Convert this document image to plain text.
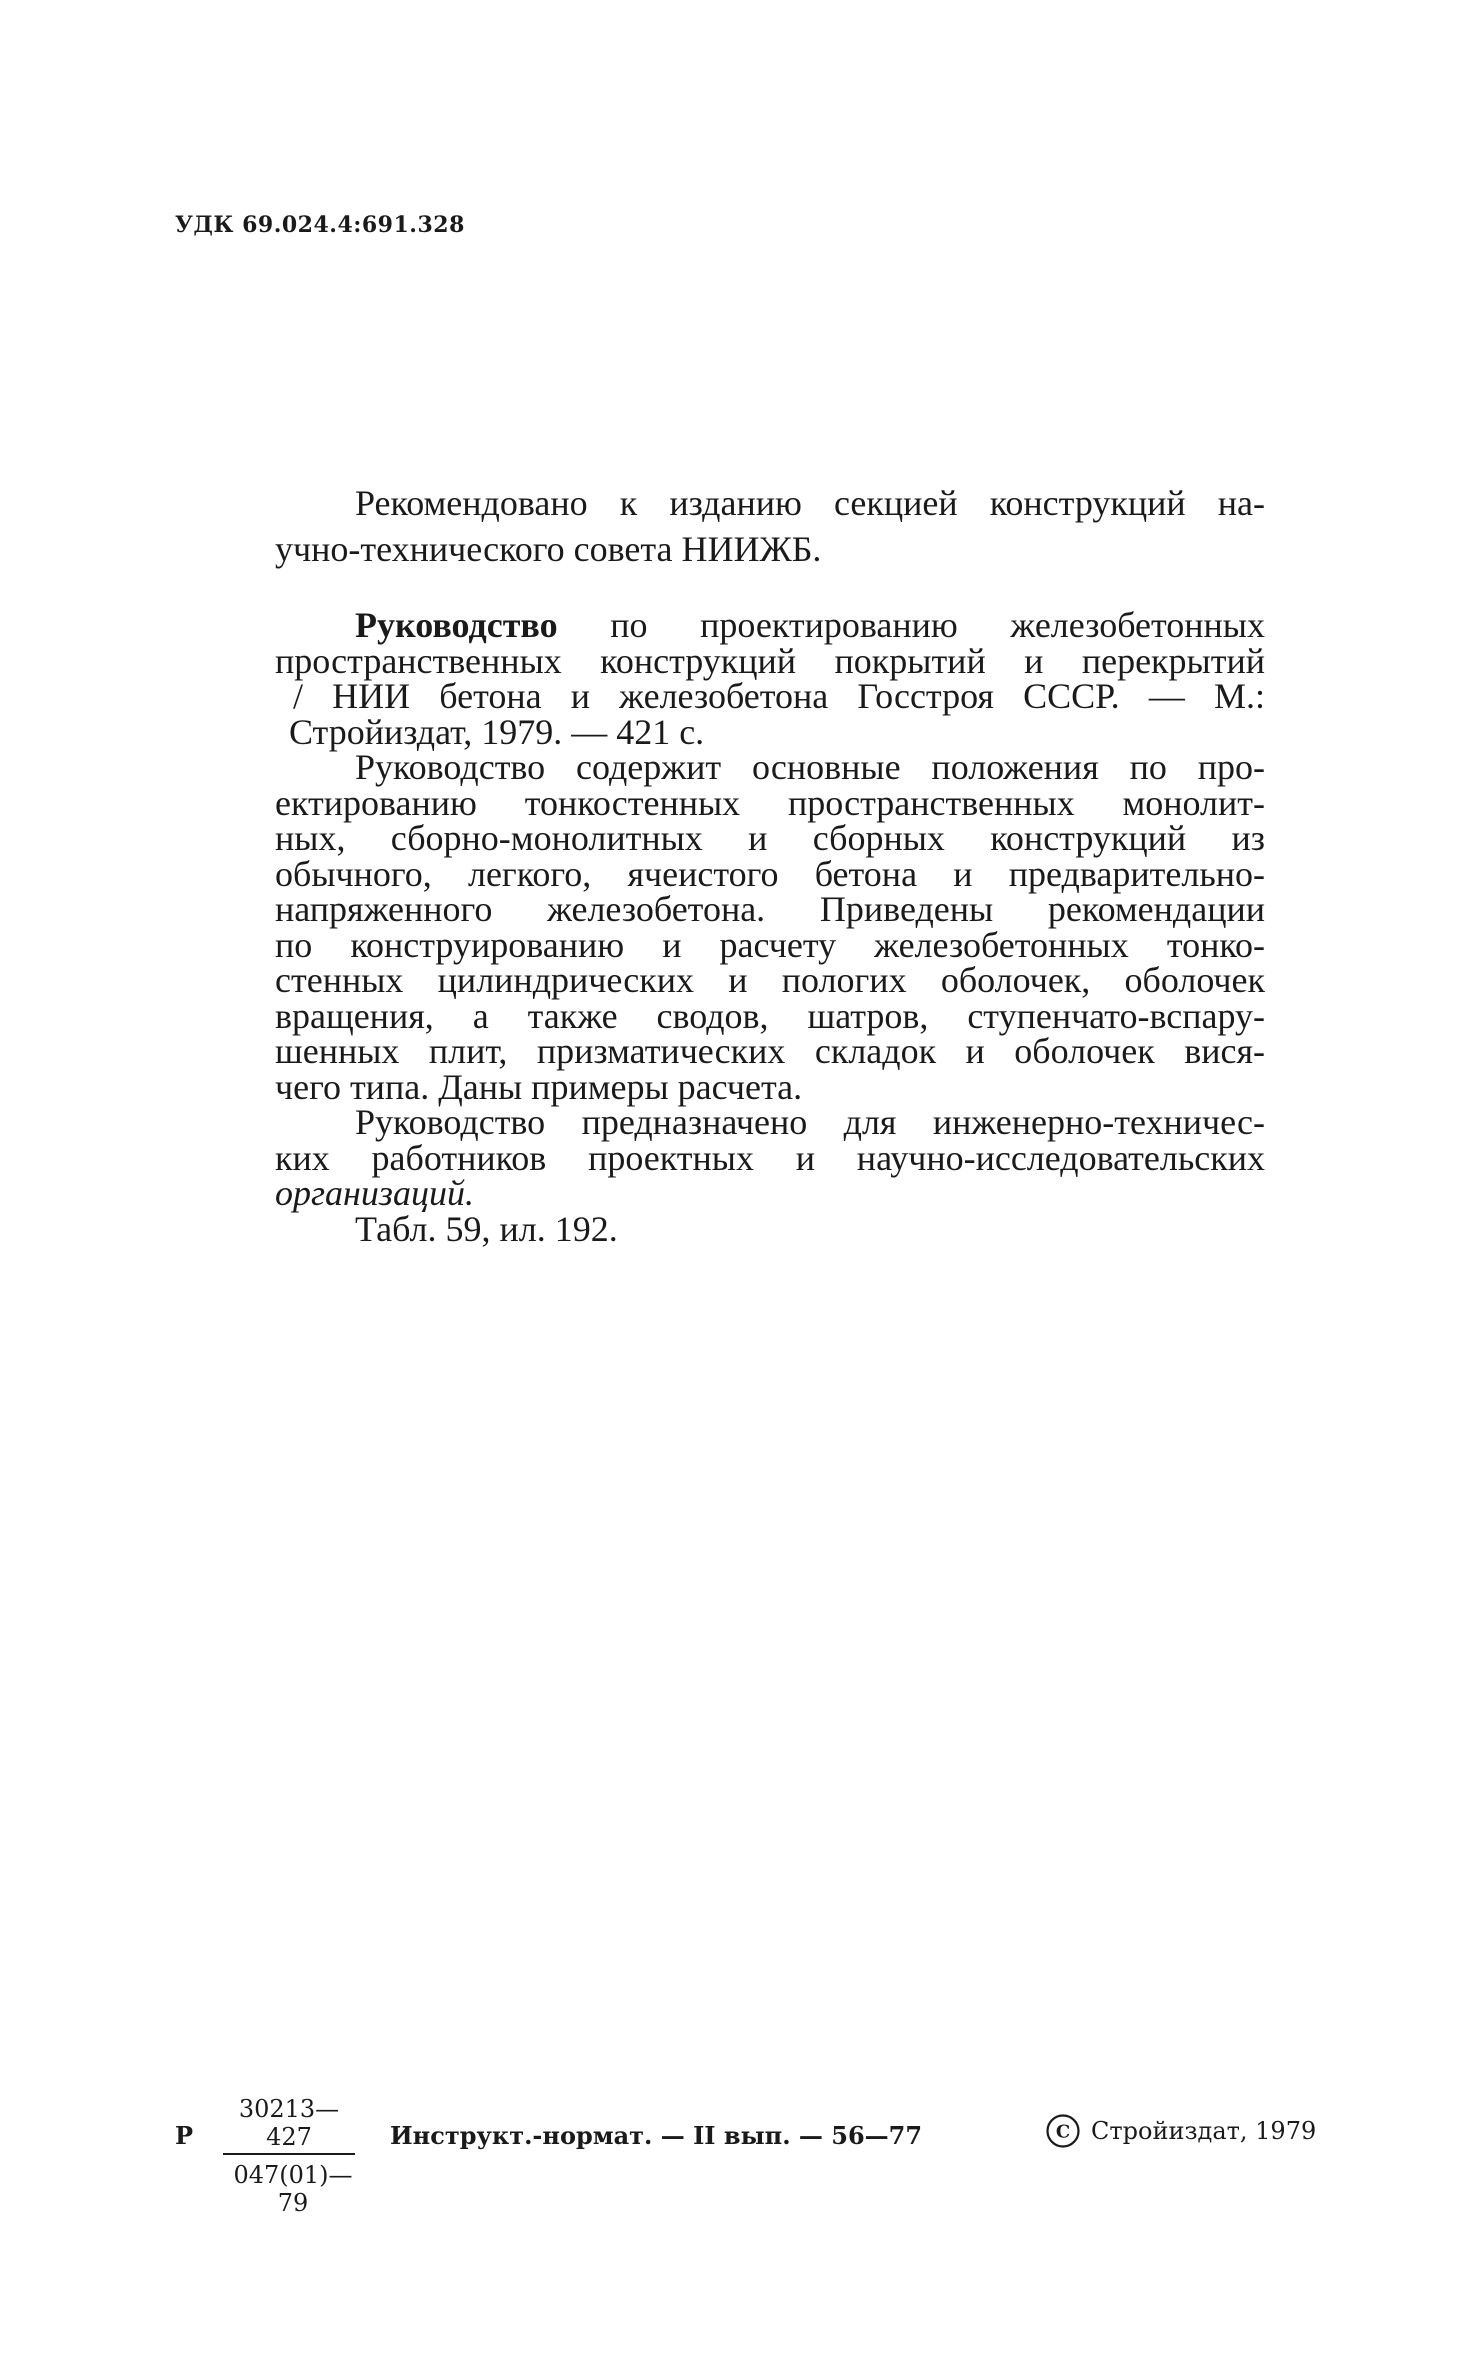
УДК 69.024.4:691.328
Рекомендовано к изданию секцией конструкций на-
учно-технического совета НИИЖБ.
Руководство по проектированию железобетонных
пространственных конструкций покрытий и перекрытий
/ НИИ бетона и железобетона Госстроя СССР. — М.:
Стройиздат, 1979. — 421 с.
Руководство содержит основные положения по про-
ектированию тонкостенных пространственных монолит-
ных, сборно-монолитных и сборных конструкций из
обычного, легкого, ячеистого бетона и предварительно-
напряженного железобетона. Приведены рекомендации
по конструированию и расчету железобетонных тонко-
стенных цилиндрических и пологих оболочек, оболочек
вращения, а также сводов, шатров, ступенчато-вспару-
шенных плит, призматических складок и оболочек вися-
чего типа. Даны примеры расчета.
Руководство предназначено для инженерно-техничес-
ких работников проектных и научно-исследовательских
организаций.
Табл. 59, ил. 192.
Р $\frac{30213—427}{047(01)—79}$ Инструкт.-нормат. — II вып. — 56—77	C Стройиздат, 1979
